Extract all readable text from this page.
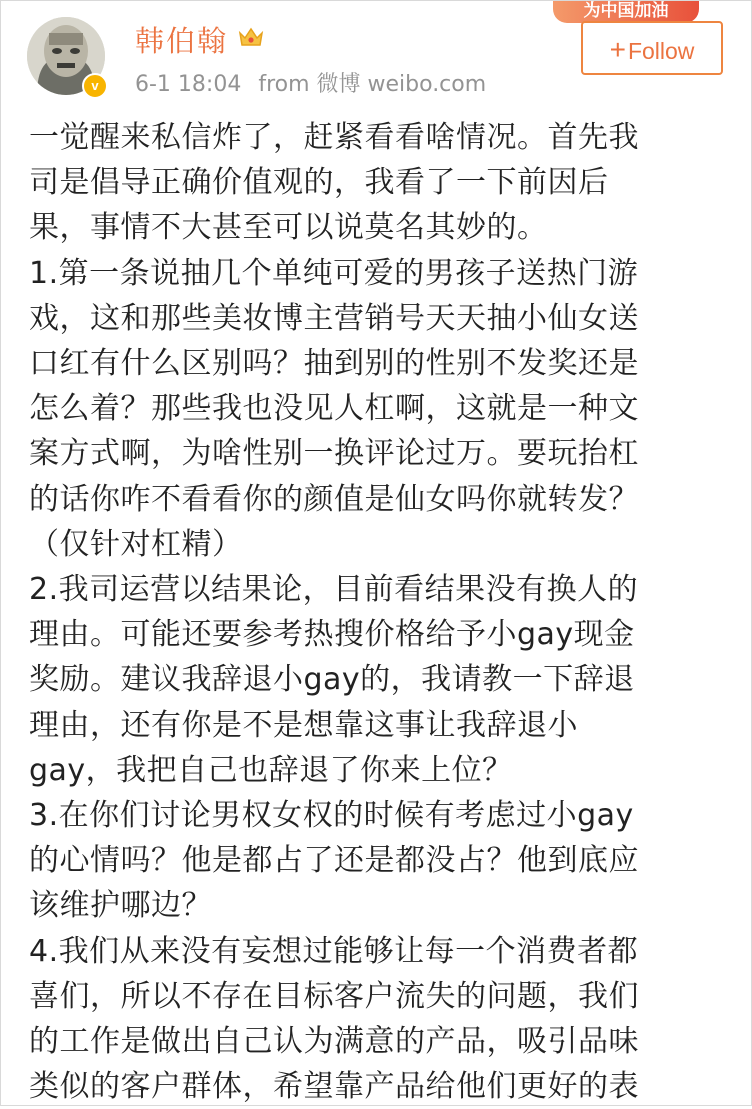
v
韩伯翰
6-1 18:04 from 微博 weibo.com
为中国加油
+Follow
一觉醒来私信炸了，赶紧看看啥情况。首先我
司是倡导正确价值观的，我看了一下前因后
果，事情不大甚至可以说莫名其妙的。
1.第一条说抽几个单纯可爱的男孩子送热门游
戏，这和那些美妆博主营销号天天抽小仙女送
口红有什么区别吗？抽到别的性别不发奖还是
怎么着？那些我也没见人杠啊，这就是一种文
案方式啊，为啥性别一换评论过万。要玩抬杠
的话你咋不看看你的颜值是仙女吗你就转发？
（仅针对杠精）
2.我司运营以结果论，目前看结果没有换人的
理由。可能还要参考热搜价格给予小gay现金
奖励。建议我辞退小gay的，我请教一下辞退
理由，还有你是不是想靠这事让我辞退小
gay，我把自己也辞退了你来上位？
3.在你们讨论男权女权的时候有考虑过小gay
的心情吗？他是都占了还是都没占？他到底应
该维护哪边？
4.我们从来没有妄想过能够让每一个消费者都
喜们，所以不存在目标客户流失的问题，我们
的工作是做出自己认为满意的产品，吸引品味
类似的客户群体，希望靠产品给他们更好的表
